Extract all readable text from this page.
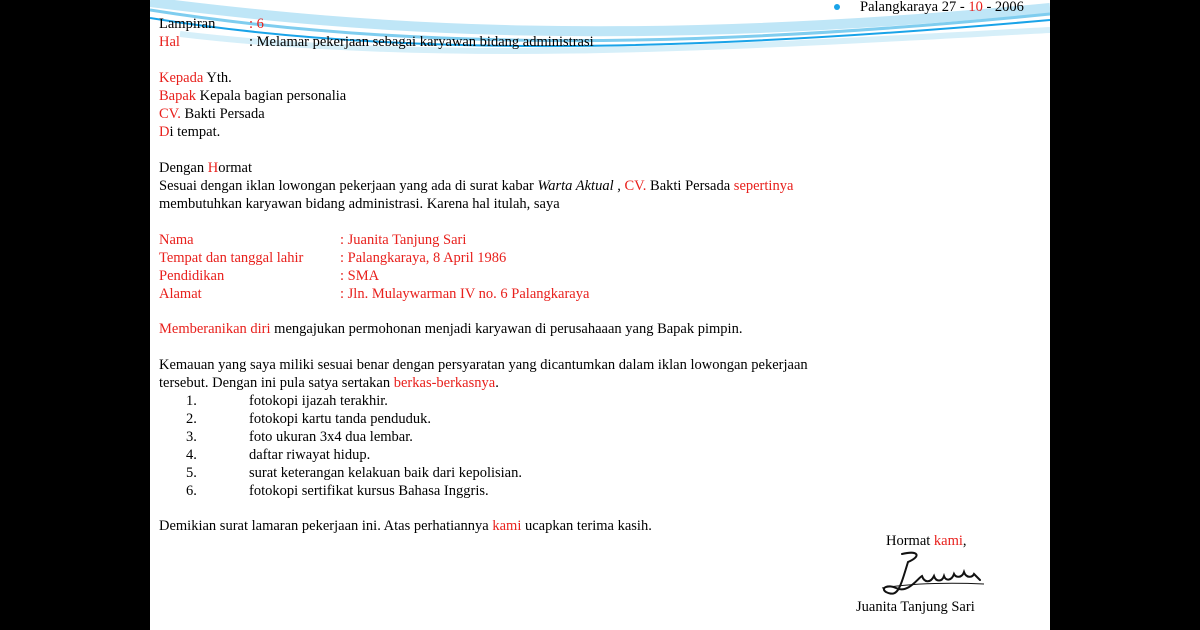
Palangkaraya 27 - 10 - 2006
Lampiran : 6
Hal	: Melamar pekerjaan sebagai karyawan bidang administrasi
Kepada Yth.
Bapak Kepala bagian personalia
CV. Bakti Persada
Di tempat.
Dengan Hormat
Sesuai dengan iklan lowongan pekerjaan yang ada di surat kabar Warta Aktual , CV. Bakti Persada sepertinya
membutuhkan karyawan bidang administrasi. Karena hal itulah, saya
Nama	: Juanita Tanjung Sari
Tempat dan tanggal lahir	: Palangkaraya, 8 April 1986
Pendidikan	: SMA
Alamat	: Jln. Mulaywarman IV no. 6 Palangkaraya
Memberanikan diri mengajukan permohonan menjadi karyawan di perusahaaan yang Bapak pimpin.
Kemauan yang saya miliki sesuai benar dengan persyaratan yang dicantumkan dalam iklan lowongan pekerjaan
tersebut. Dengan ini pula satya sertakan berkas-berkasnya.
1.	fotokopi ijazah terakhir.
2.	fotokopi kartu tanda penduduk.
3.	foto ukuran 3x4 dua lembar.
4.	daftar riwayat hidup.
5.	surat keterangan kelakuan baik dari kepolisian.
6.	fotokopi sertifikat kursus Bahasa Inggris.
Demikian surat lamaran pekerjaan ini. Atas perhatiannya kami ucapkan terima kasih.
Hormat kami,
Juanita Tanjung Sari
